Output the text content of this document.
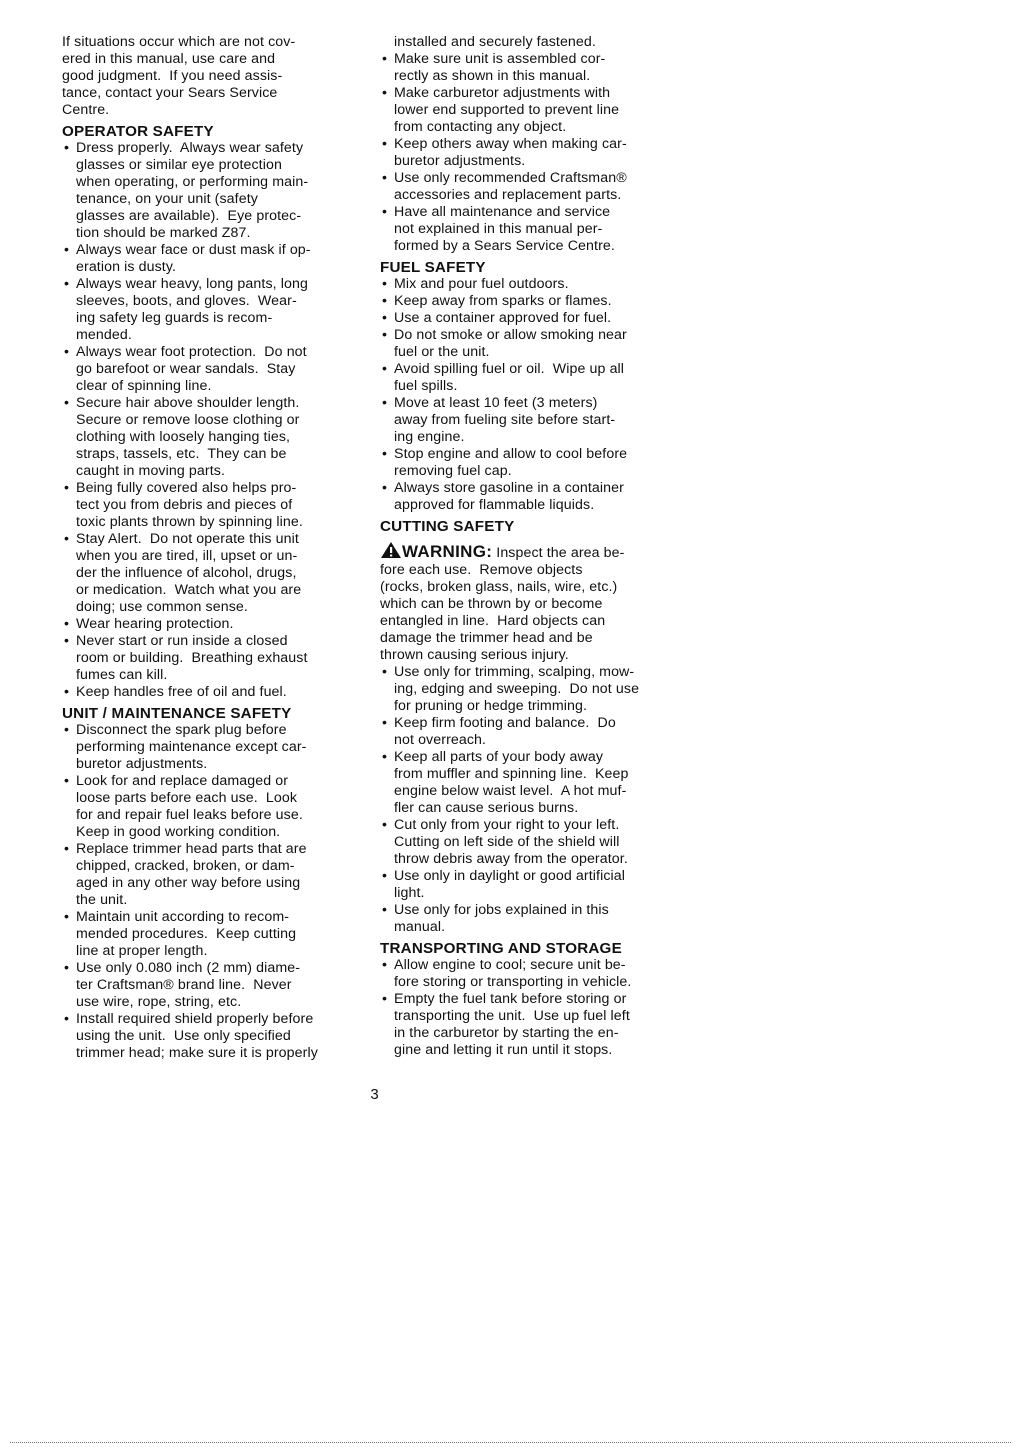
If situations occur which are not cov-
ered in this manual, use care and
good judgment.  If you need assis-
tance, contact your Sears Service
Centre.
OPERATOR SAFETY
• Dress properly.  Always wear safety
glasses or similar eye protection
when operating, or performing main-
tenance, on your unit (safety
glasses are available).  Eye protec-
tion should be marked Z87.
• Always wear face or dust mask if op-
eration is dusty.
• Always wear heavy, long pants, long
sleeves, boots, and gloves.  Wear-
ing safety leg guards is recom-
mended.
• Always wear foot protection.  Do not
go barefoot or wear sandals.  Stay
clear of spinning line.
• Secure hair above shoulder length.
Secure or remove loose clothing or
clothing with loosely hanging ties,
straps, tassels, etc.  They can be
caught in moving parts.
• Being fully covered also helps pro-
tect you from debris and pieces of
toxic plants thrown by spinning line.
• Stay Alert.  Do not operate this unit
when you are tired, ill, upset or un-
der the influence of alcohol, drugs,
or medication.  Watch what you are
doing; use common sense.
• Wear hearing protection.
• Never start or run inside a closed
room or building.  Breathing exhaust
fumes can kill.
• Keep handles free of oil and fuel.
UNIT / MAINTENANCE SAFETY
• Disconnect the spark plug before
performing maintenance except car-
buretor adjustments.
• Look for and replace damaged or
loose parts before each use.  Look
for and repair fuel leaks before use.
Keep in good working condition.
• Replace trimmer head parts that are
chipped, cracked, broken, or dam-
aged in any other way before using
the unit.
• Maintain unit according to recom-
mended procedures.  Keep cutting
line at proper length.
• Use only 0.080 inch (2 mm) diame-
ter Craftsman® brand line.  Never
use wire, rope, string, etc.
• Install required shield properly before
using the unit.  Use only specified
trimmer head; make sure it is properly
installed and securely fastened.
• Make sure unit is assembled cor-
rectly as shown in this manual.
• Make carburetor adjustments with
lower end supported to prevent line
from contacting any object.
• Keep others away when making car-
buretor adjustments.
• Use only recommended Craftsman®
accessories and replacement parts.
• Have all maintenance and service
not explained in this manual per-
formed by a Sears Service Centre.
FUEL SAFETY
• Mix and pour fuel outdoors.
• Keep away from sparks or flames.
• Use a container approved for fuel.
• Do not smoke or allow smoking near
fuel or the unit.
• Avoid spilling fuel or oil.  Wipe up all
fuel spills.
• Move at least 10 feet (3 meters)
away from fueling site before start-
ing engine.
• Stop engine and allow to cool before
removing fuel cap.
• Always store gasoline in a container
approved for flammable liquids.
CUTTING SAFETY
WARNING: Inspect the area be-
fore each use.  Remove objects
(rocks, broken glass, nails, wire, etc.)
which can be thrown by or become
entangled in line.  Hard objects can
damage the trimmer head and be
thrown causing serious injury.
• Use only for trimming, scalping, mow-
ing, edging and sweeping.  Do not use
for pruning or hedge trimming.
• Keep firm footing and balance.  Do
not overreach.
• Keep all parts of your body away
from muffler and spinning line.  Keep
engine below waist level.  A hot muf-
fler can cause serious burns.
• Cut only from your right to your left.
Cutting on left side of the shield will
throw debris away from the operator.
• Use only in daylight or good artificial
light.
• Use only for jobs explained in this
manual.
TRANSPORTING AND STORAGE
• Allow engine to cool; secure unit be-
fore storing or transporting in vehicle.
• Empty the fuel tank before storing or
transporting the unit.  Use up fuel left
in the carburetor by starting the en-
gine and letting it run until it stops.
3
